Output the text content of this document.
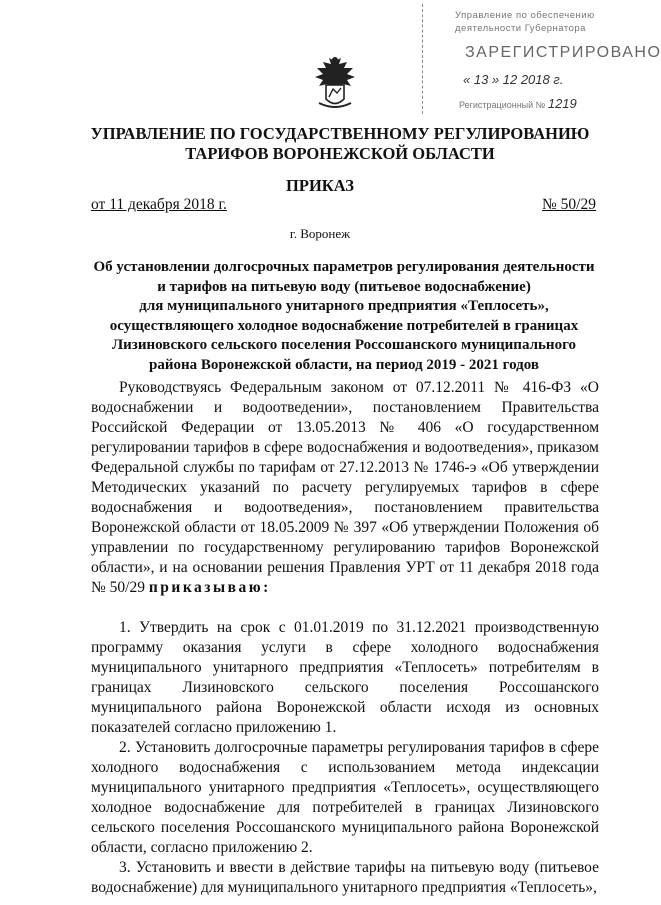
Управление по обеспечению
деятельности Губернатора
ЗАРЕГИСТРИРОВАНО
« 13 » 12 2018 г.
Регистрационный № 1219
УПРАВЛЕНИЕ ПО ГОСУДАРСТВЕННОМУ РЕГУЛИРОВАНИЮ
ТАРИФОВ ВОРОНЕЖСКОЙ ОБЛАСТИ
ПРИКАЗ
от 11 декабря 2018 г.	№ 50/29
г. Воронеж
Об установлении долгосрочных параметров регулирования деятельности
и тарифов на питьевую воду (питьевое водоснабжение)
для муниципального унитарного предприятия «Теплосеть»,
осуществляющего холодное водоснабжение потребителей в границах
Лизиновского сельского поселения Россошанского муниципального
района Воронежской области, на период 2019 - 2021 годов

Руководствуясь Федеральным законом от 07.12.2011 № 416-ФЗ «О водоснабжении и водоотведении», постановлением Правительства Российской Федерации от 13.05.2013 № 406 «О государственном регулировании тарифов в сфере водоснабжения и водоотведения», приказом Федеральной службы по тарифам от 27.12.2013 № 1746-э «Об утверждении Методических указаний по расчету регулируемых тарифов в сфере водоснабжения и водоотведения», постановлением правительства Воронежской области от 18.05.2009 № 397 «Об утверждении Положения об управлении по государственному регулированию тарифов Воронежской области», и на основании решения Правления УРТ от 11 декабря 2018 года № 50/29 приказываю:

1. Утвердить на срок с 01.01.2019 по 31.12.2021 производственную программу оказания услуги в сфере холодного водоснабжения муниципального унитарного предприятия «Теплосеть» потребителям в границах Лизиновского сельского поселения Россошанского муниципального района Воронежской области исходя из основных показателей согласно приложению 1.

2. Установить долгосрочные параметры регулирования тарифов в сфере холодного водоснабжения с использованием метода индексации муниципального унитарного предприятия «Теплосеть», осуществляющего холодное водоснабжение для потребителей в границах Лизиновского сельского поселения Россошанского муниципального района Воронежской области, согласно приложению 2.

3. Установить и ввести в действие тарифы на питьевую воду (питьевое водоснабжение) для муниципального унитарного предприятия «Теплосеть»,
